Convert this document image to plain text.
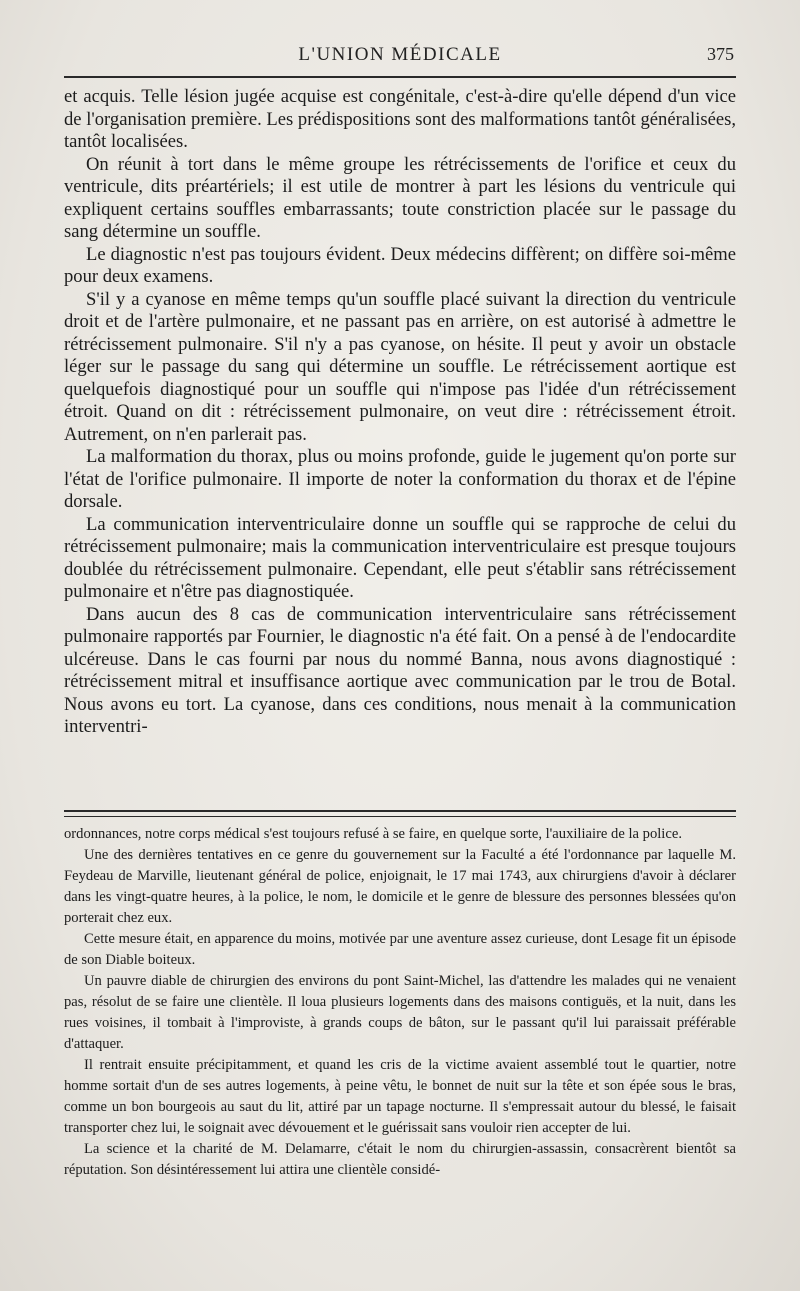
L'UNION MÉDICALE	375

et acquis. Telle lésion jugée acquise est congénitale, c'est-à-dire qu'elle dépend d'un vice de l'organisation première. Les prédispositions sont des malformations tantôt généralisées, tantôt localisées.

On réunit à tort dans le même groupe les rétrécissements de l'orifice et ceux du ventricule, dits préartériels; il est utile de montrer à part les lésions du ventricule qui expliquent certains souffles embarrassants; toute constriction placée sur le passage du sang détermine un souffle.

Le diagnostic n'est pas toujours évident. Deux médecins diffèrent; on diffère soi-même pour deux examens.

S'il y a cyanose en même temps qu'un souffle placé suivant la direction du ventricule droit et de l'artère pulmonaire, et ne passant pas en arrière, on est autorisé à admettre le rétrécissement pulmonaire. S'il n'y a pas cyanose, on hésite. Il peut y avoir un obstacle léger sur le passage du sang qui détermine un souffle. Le rétrécissement aortique est quelquefois diagnostiqué pour un souffle qui n'impose pas l'idée d'un rétrécissement étroit. Quand on dit : rétrécissement pulmonaire, on veut dire : rétrécissement étroit. Autrement, on n'en parlerait pas.

La malformation du thorax, plus ou moins profonde, guide le jugement qu'on porte sur l'état de l'orifice pulmonaire. Il importe de noter la conformation du thorax et de l'épine dorsale.

La communication interventriculaire donne un souffle qui se rapproche de celui du rétrécissement pulmonaire; mais la communication interventriculaire est presque toujours doublée du rétrécissement pulmonaire. Cependant, elle peut s'établir sans rétrécissement pulmonaire et n'être pas diagnostiquée.

Dans aucun des 8 cas de communication interventriculaire sans rétrécissement pulmonaire rapportés par Fournier, le diagnostic n'a été fait. On a pensé à de l'endocardite ulcéreuse. Dans le cas fourni par nous du nommé Banna, nous avons diagnostiqué : rétrécissement mitral et insuffisance aortique avec communication par le trou de Botal. Nous avons eu tort. La cyanose, dans ces conditions, nous menait à la communication interventri-

ordonnances, notre corps médical s'est toujours refusé à se faire, en quelque sorte, l'auxiliaire de la police.

Une des dernières tentatives en ce genre du gouvernement sur la Faculté a été l'ordonnance par laquelle M. Feydeau de Marville, lieutenant général de police, enjoignait, le 17 mai 1743, aux chirurgiens d'avoir à déclarer dans les vingt-quatre heures, à la police, le nom, le domicile et le genre de blessure des personnes blessées qu'on porterait chez eux.

Cette mesure était, en apparence du moins, motivée par une aventure assez curieuse, dont Lesage fit un épisode de son Diable boiteux.

Un pauvre diable de chirurgien des environs du pont Saint-Michel, las d'attendre les malades qui ne venaient pas, résolut de se faire une clientèle. Il loua plusieurs logements dans des maisons contiguës, et la nuit, dans les rues voisines, il tombait à l'improviste, à grands coups de bâton, sur le passant qu'il lui paraissait préférable d'attaquer.

Il rentrait ensuite précipitamment, et quand les cris de la victime avaient assemblé tout le quartier, notre homme sortait d'un de ses autres logements, à peine vêtu, le bonnet de nuit sur la tête et son épée sous le bras, comme un bon bourgeois au saut du lit, attiré par un tapage nocturne. Il s'empressait autour du blessé, le faisait transporter chez lui, le soignait avec dévouement et le guérissait sans vouloir rien accepter de lui.

La science et la charité de M. Delamarre, c'était le nom du chirurgien-assassin, consacrèrent bientôt sa réputation. Son désintéressement lui attira une clientèle considé-
